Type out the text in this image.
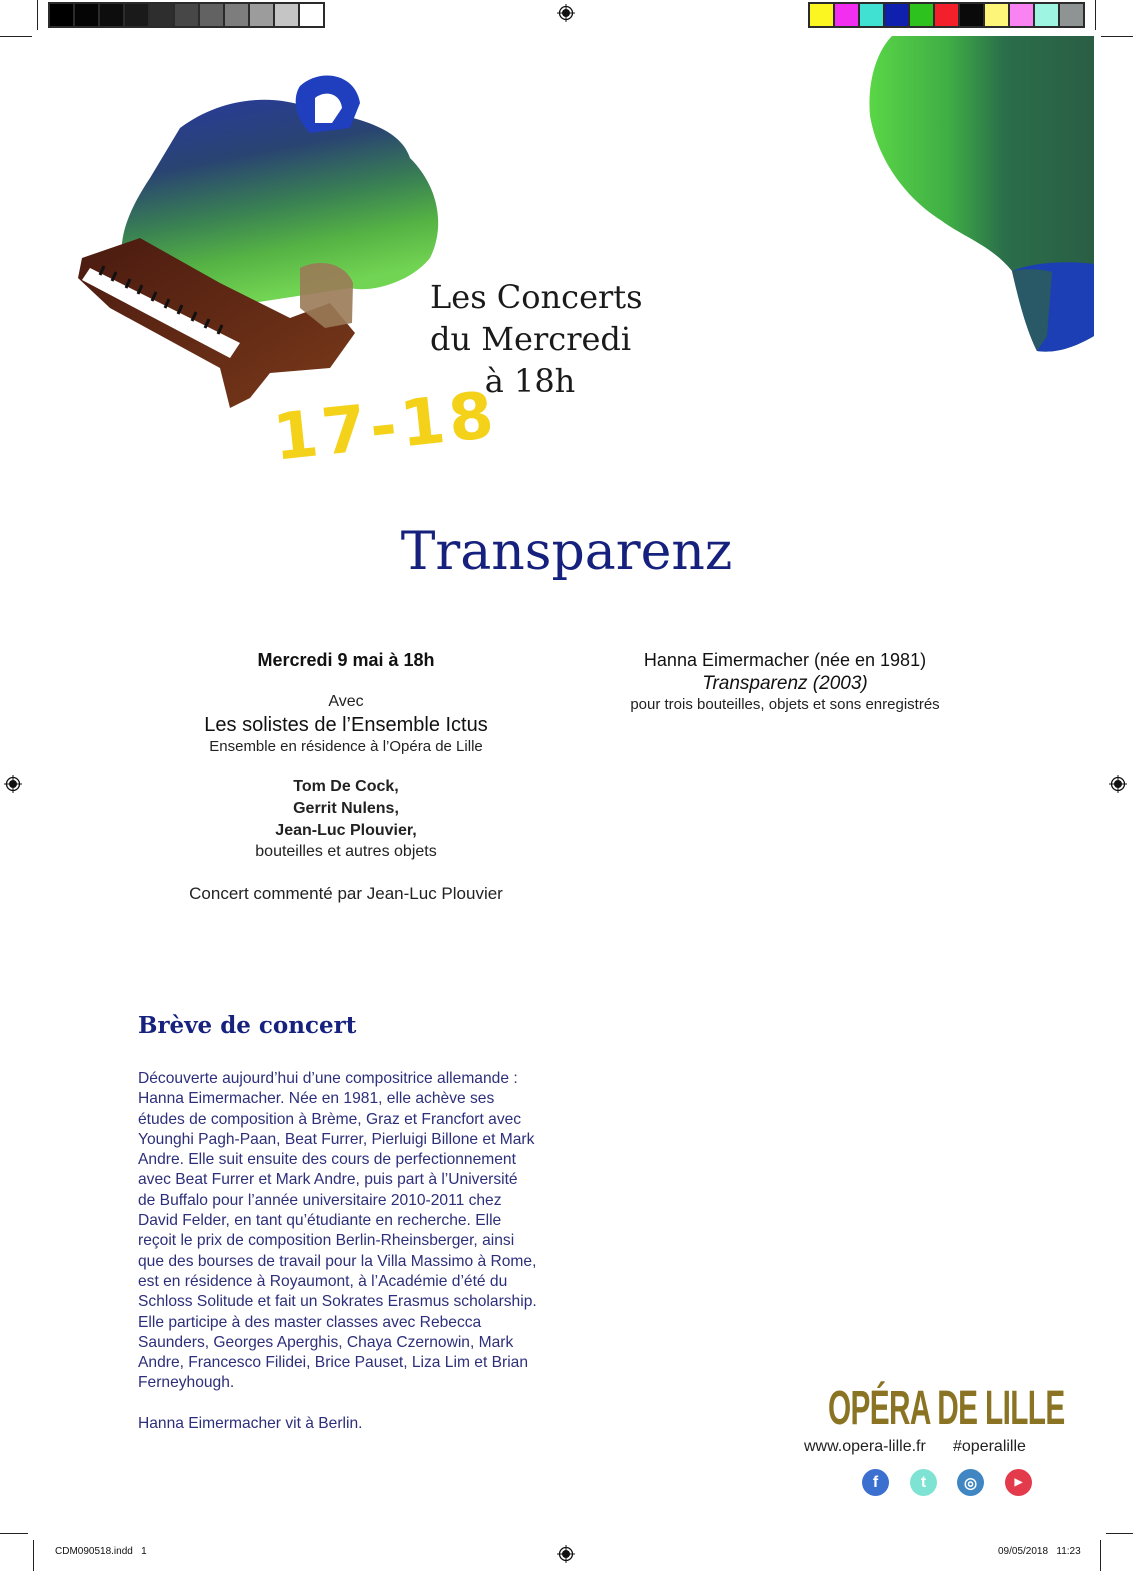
CDM090518.indd   1	09/05/2018   11:23
17-18
Les Concerts
du Mercredi
à 18h
Transparenz
Mercredi 9 mai à 18h
Avec
Les solistes de l’Ensemble Ictus
Ensemble en résidence à l’Opéra de Lille
Tom De Cock,
Gerrit Nulens,
Jean-Luc Plouvier,
bouteilles et autres objets
Concert commenté par Jean-Luc Plouvier
Hanna Eimermacher (née en 1981)
Transparenz (2003)
pour trois bouteilles, objets et sons enregistrés
Brève de concert

Découverte aujourd’hui d’une compositrice allemande : Hanna Eimermacher. Née en 1981, elle achève ses études de composition à Brème, Graz et Francfort avec Younghi Pagh-Paan, Beat Furrer, Pierluigi Billone et Mark Andre. Elle suit ensuite des cours de perfectionnement avec Beat Furrer et Mark Andre, puis part à l’Université de Buffalo pour l’année universitaire 2010-2011 chez David Felder, en tant qu’étudiante en recherche. Elle reçoit le prix de composition Berlin-Rheinsberger, ainsi que des bourses de travail pour la Villa Massimo à Rome, est en résidence à Royaumont, à l’Académie d’été du Schloss Solitude et fait un Sokrates Erasmus scholarship. Elle participe à des master classes avec Rebecca Saunders, Georges Aperghis, Chaya Czernowin, Mark Andre, Francesco Filidei, Brice Pauset, Liza Lim et Brian Ferneyhough.

Hanna Eimermacher vit à Berlin.	OPÉRA DE LILLE
www.opera-lille.fr #operalille
f	t	◎	▶
